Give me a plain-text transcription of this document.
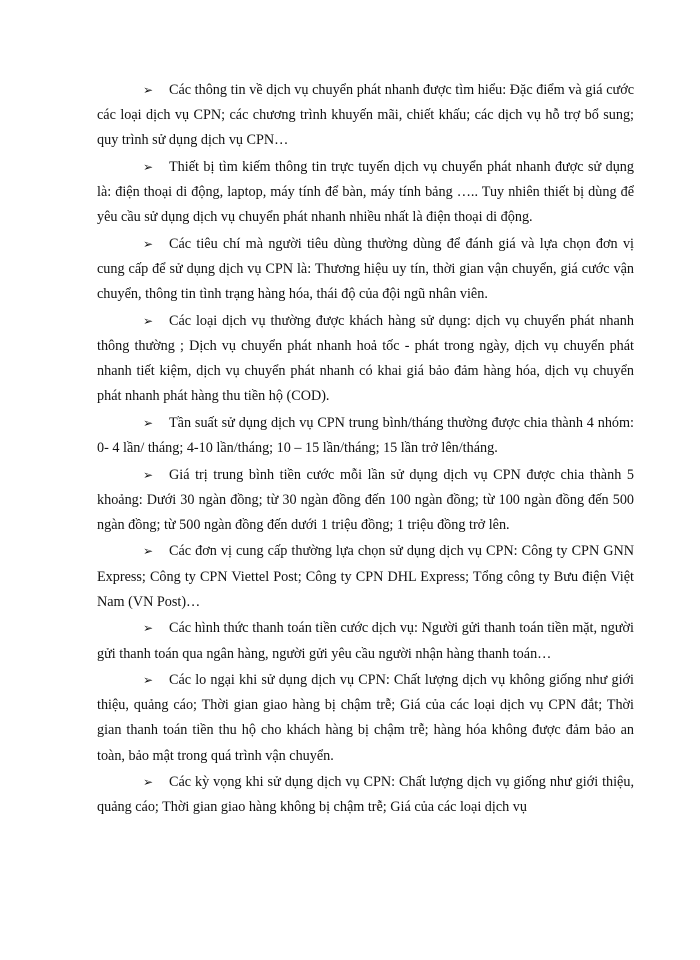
➢ Các thông tin về dịch vụ chuyển phát nhanh được tìm hiểu: Đặc điểm và giá cước các loại dịch vụ CPN; các chương trình khuyến mãi, chiết khấu; các dịch vụ hỗ trợ bổ sung; quy trình sử dụng dịch vụ CPN…

➢ Thiết bị tìm kiếm thông tin trực tuyến dịch vụ chuyển phát nhanh được sử dụng là: điện thoại di động, laptop, máy tính để bàn, máy tính bảng ….. Tuy nhiên thiết bị dùng để yêu cầu sử dụng dịch vụ chuyển phát nhanh nhiều nhất là điện thoại di động.

➢ Các tiêu chí mà người tiêu dùng thường dùng để đánh giá và lựa chọn đơn vị cung cấp để sử dụng dịch vụ CPN là: Thương hiệu uy tín, thời gian vận chuyển, giá cước vận chuyển, thông tin tình trạng hàng hóa, thái độ của đội ngũ nhân viên.

➢ Các loại dịch vụ thường được khách hàng sử dụng: dịch vụ chuyển phát nhanh thông thường ; Dịch vụ chuyển phát nhanh hoả tốc - phát trong ngày, dịch vụ chuyển phát nhanh tiết kiệm, dịch vụ chuyển phát nhanh có khai giá bảo đảm hàng hóa, dịch vụ chuyển phát nhanh phát hàng thu tiền hộ (COD).

➢ Tần suất sử dụng dịch vụ CPN trung bình/tháng thường được chia thành 4 nhóm: 0- 4 lần/ tháng; 4-10 lần/tháng; 10 – 15 lần/tháng; 15 lần trở lên/tháng.

➢ Giá trị trung bình tiền cước mỗi lần sử dụng dịch vụ CPN được chia thành 5 khoảng: Dưới 30 ngàn đồng; từ 30 ngàn đồng đến 100 ngàn đồng; từ 100 ngàn đồng đến 500 ngàn đồng; từ 500 ngàn đồng đến dưới 1 triệu đồng; 1 triệu đồng trở lên.

➢ Các đơn vị cung cấp thường lựa chọn sử dụng dịch vụ CPN: Công ty CPN GNN Express; Công ty CPN Viettel Post; Công ty CPN DHL Express; Tổng công ty Bưu điện Việt Nam (VN Post)…

➢ Các hình thức thanh toán tiền cước dịch vụ: Người gửi thanh toán tiền mặt, người gửi thanh toán qua ngân hàng, người gửi yêu cầu người nhận hàng thanh toán…

➢ Các lo ngại khi sử dụng dịch vụ CPN: Chất lượng dịch vụ không giống như giới thiệu, quảng cáo; Thời gian giao hàng bị chậm trễ; Giá của các loại dịch vụ CPN đắt; Thời gian thanh toán tiền thu hộ cho khách hàng bị chậm trễ; hàng hóa không được đảm bảo an toàn, bảo mật trong quá trình vận chuyển.

➢ Các kỳ vọng khi sử dụng dịch vụ CPN: Chất lượng dịch vụ giống như giới thiệu, quảng cáo; Thời gian giao hàng không bị chậm trễ; Giá của các loại dịch vụ
